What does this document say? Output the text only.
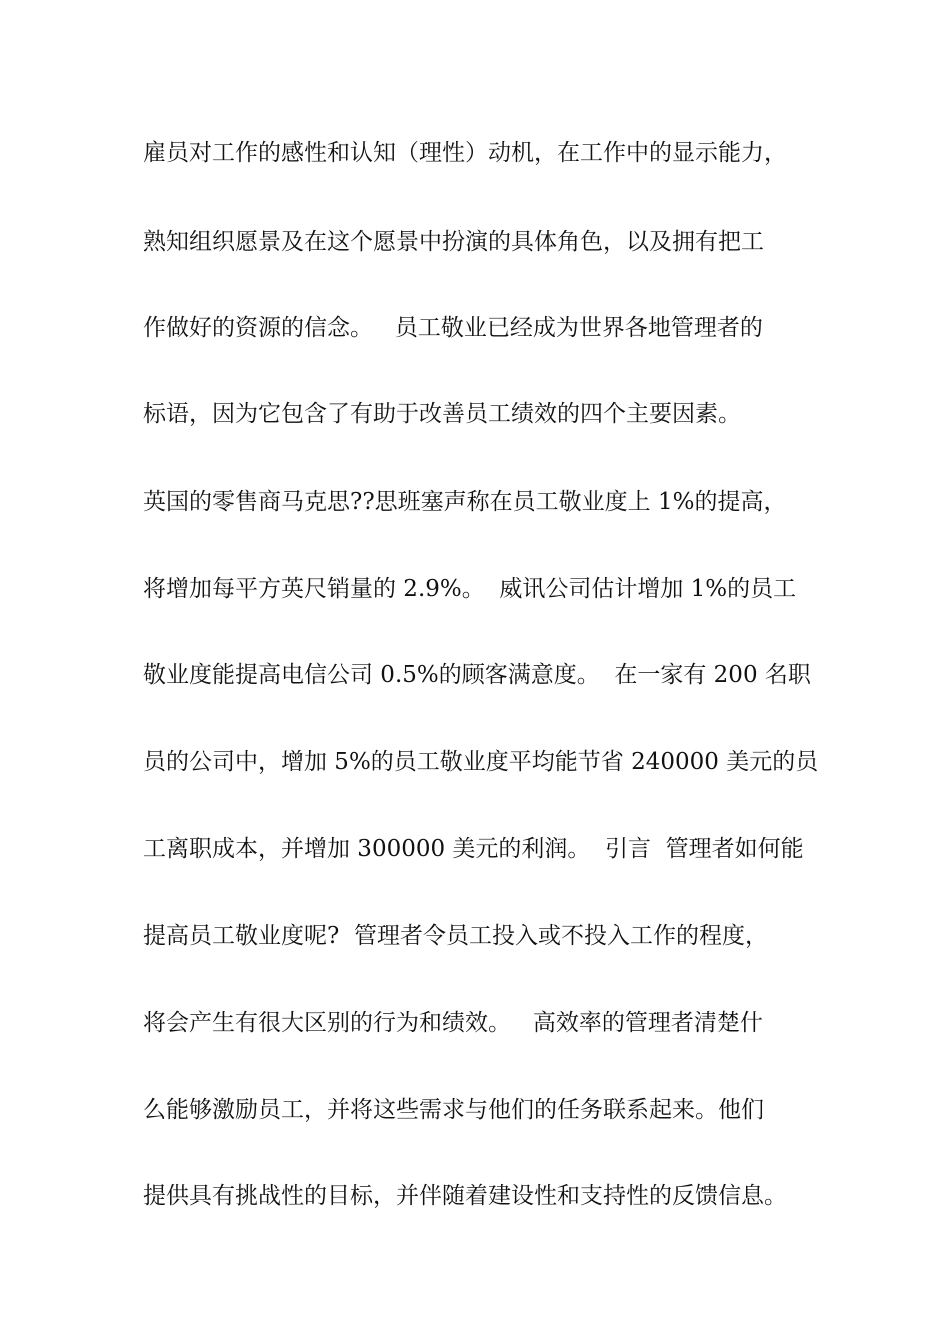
雇员对工作的感性和认知（理性）动机，在工作中的显示能力，
熟知组织愿景及在这个愿景中扮演的具体角色，以及拥有把工
作做好的资源的信念。   员工敬业已经成为世界各地管理者的
标语，因为它包含了有助于改善员工绩效的四个主要因素。
英国的零售商马克思??思班塞声称在员工敬业度上 1%的提高，
将增加每平方英尺销量的 2.9%。  威讯公司估计增加 1%的员工
敬业度能提高电信公司 0.5%的顾客满意度。  在一家有 200 名职
员的公司中，增加 5%的员工敬业度平均能节省 240000 美元的员
工离职成本，并增加 300000 美元的利润。  引言  管理者如何能
提高员工敬业度呢?  管理者令员工投入或不投入工作的程度，
将会产生有很大区别的行为和绩效。   高效率的管理者清楚什
么能够激励员工，并将这些需求与他们的任务联系起来。他们
提供具有挑战性的目标，并伴随着建设性和支持性的反馈信息。
